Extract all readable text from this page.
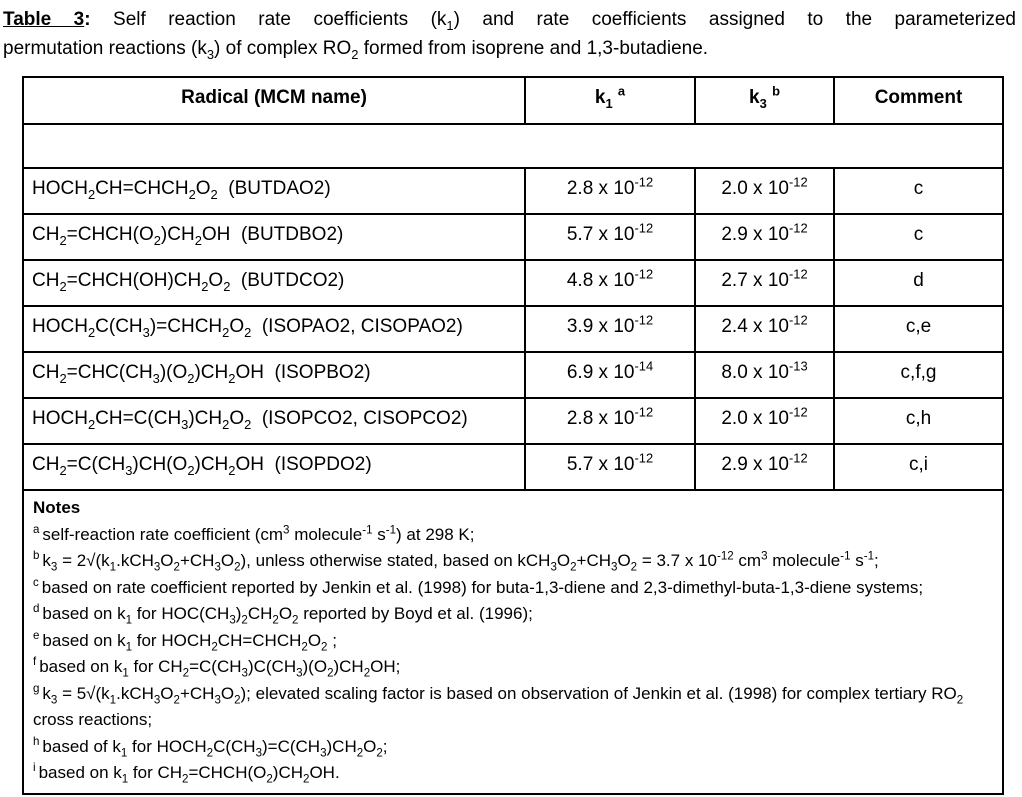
Table 3: Self reaction rate coefficients $(k_1)$ and rate coefficients assigned to the parameterized
permutation reactions $(k_3)$ of complex $RO_2$ formed from isoprene and 1,3-butadiene.
Radical (MCM name)	$k_1$ $^a$	$k_3$ $^b$	Comment

$HOCH_2CH=CHCH_2O_2$  (BUTDAO2)	2.8 x $10^{-12}$	2.0 x $10^{-12}$	c
$CH_2=CHCH(O_2)CH_2OH$  (BUTDBO2)	5.7 x $10^{-12}$	2.9 x $10^{-12}$	c
$CH_2=CHCH(OH)CH_2O_2$  (BUTDCO2)	4.8 x $10^{-12}$	2.7 x $10^{-12}$	d
$HOCH_2C(CH_3)=CHCH_2O_2$  (ISOPAO2, CISOPAO2)	3.9 x $10^{-12}$	2.4 x $10^{-12}$	c,e
$CH_2=CHC(CH_3)(O_2)CH_2OH$  (ISOPBO2)	6.9 x $10^{-14}$	8.0 x $10^{-13}$	c,f,g
$HOCH_2CH=C(CH_3)CH_2O_2$  (ISOPCO2, CISOPCO2)	2.8 x $10^{-12}$	2.0 x $10^{-12}$	c,h
$CH_2=C(CH_3)CH(O_2)CH_2OH$  (ISOPDO2)	5.7 x $10^{-12}$	2.9 x $10^{-12}$	c,i

Notes
$^a$ self-reaction rate coefficient ($cm^3$ molecule$^{-1}$ $s^{-1}$) at 298 K;
$^b$ $k_3 = 2√(k_1.kCH_3O_2+CH_3O_2)$, unless otherwise stated, based on $kCH_3O_2+CH_3O_2 = 3.7$ x $10^{-12}$ $cm^3$ molecule$^{-1}$ $s^{-1}$;
$^c$ based on rate coefficient reported by Jenkin et al. (1998) for buta-1,3-diene and 2,3-dimethyl-buta-1,3-diene systems;
$^d$ based on $k_1$ for $HOC(CH_3)_2CH_2O_2$ reported by Boyd et al. (1996);
$^e$ based on $k_1$ for $HOCH_2CH=CHCH_2O_2$ ;
$^f$ based on $k_1$ for $CH_2=C(CH_3)C(CH_3)(O_2)CH_2OH$;
$^g$ $k_3 = 5√(k_1.kCH_3O_2+CH_3O_2)$; elevated scaling factor is based on observation of Jenkin et al. (1998) for complex tertiary $RO_2$ cross reactions;
$^h$ based of $k_1$ for $HOCH_2C(CH_3)=C(CH_3)CH_2O_2$;
$^i$ based on $k_1$ for $CH_2=CHCH(O_2)CH_2OH$.
